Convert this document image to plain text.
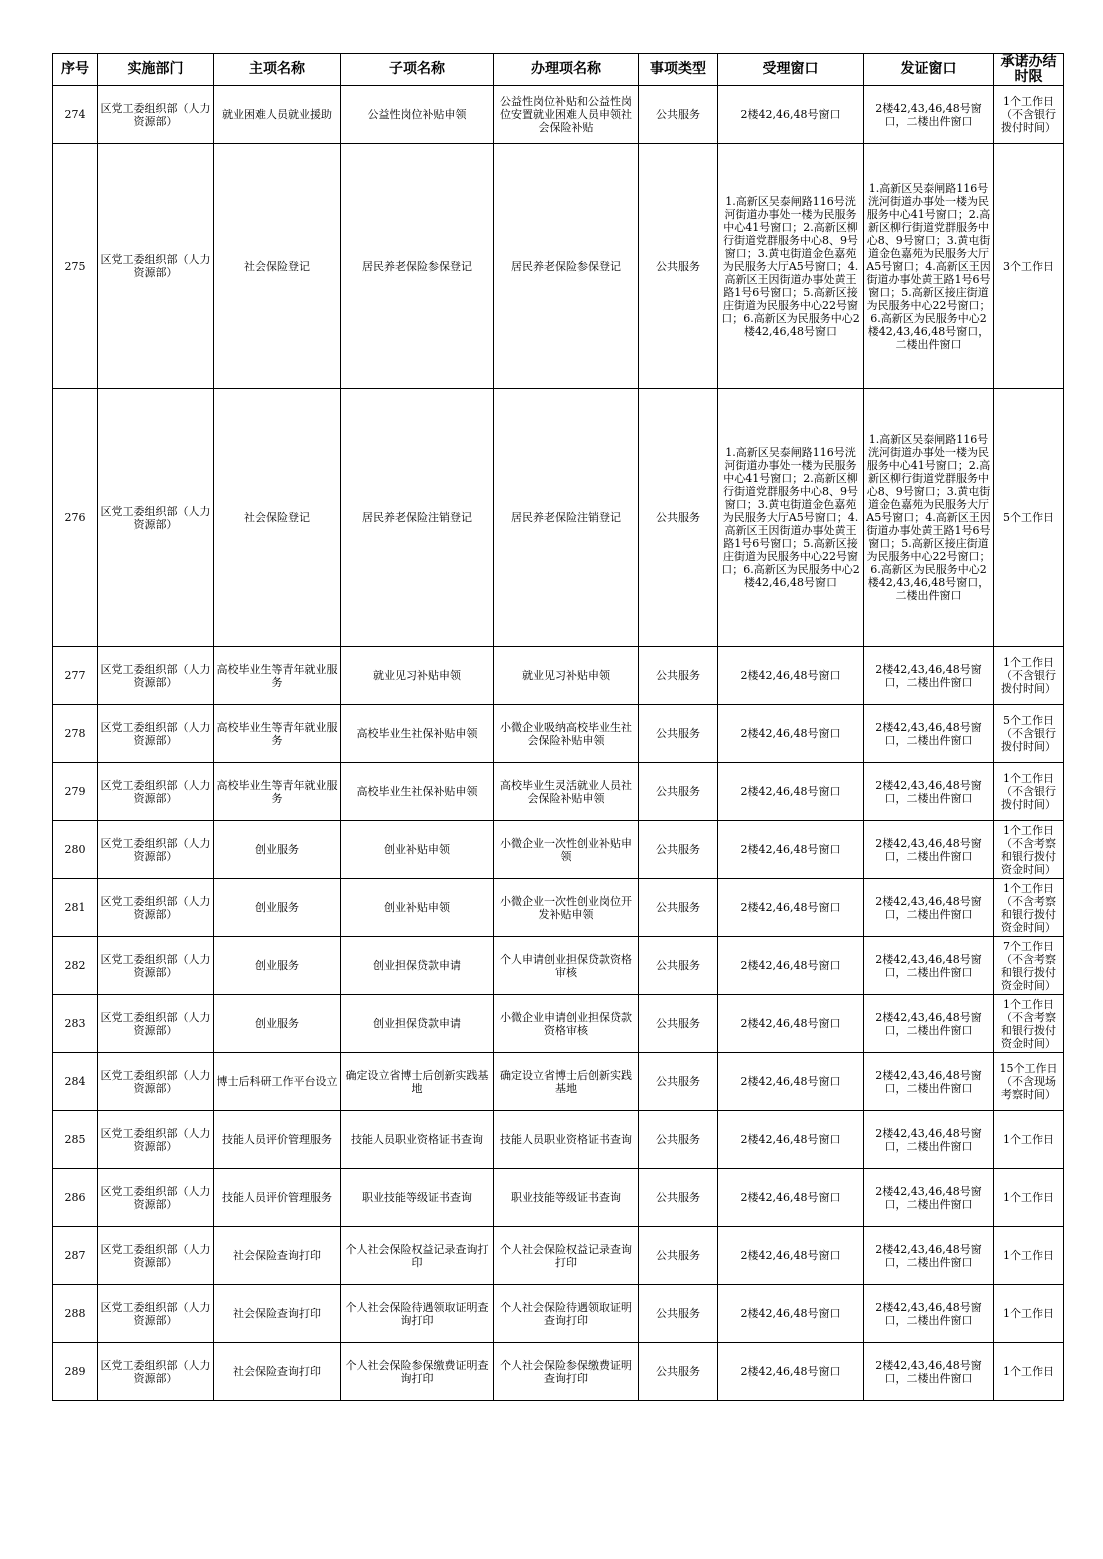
序号	实施部门	主项名称	子项名称	办理项名称	事项类型	受理窗口	发证窗口	承诺办结时限
274	区党工委组织部（人力资源部）	就业困难人员就业援助	公益性岗位补贴申领	公益性岗位补贴和公益性岗位安置就业困难人员申领社会保险补贴	公共服务	2楼42,46,48号窗口	2楼42,43,46,48号窗口，二楼出件窗口	1个工作日（不含银行拨付时间）
275	区党工委组织部（人力资源部）	社会保险登记	居民养老保险参保登记	居民养老保险参保登记	公共服务	1.高新区吴泰闸路116号洸河街道办事处一楼为民服务中心41号窗口；2.高新区柳行街道党群服务中心8、9号窗口；3.黄屯街道金色嘉苑为民服务大厅A5号窗口；4.高新区王因街道办事处黄王路1号6号窗口；5.高新区接庄街道为民服务中心22号窗口；6.高新区为民服务中心2楼42,46,48号窗口	1.高新区吴泰闸路116号洸河街道办事处一楼为民服务中心41号窗口；2.高新区柳行街道党群服务中心8、9号窗口；3.黄屯街道金色嘉苑为民服务大厅A5号窗口；4.高新区王因街道办事处黄王路1号6号窗口；5.高新区接庄街道为民服务中心22号窗口；6.高新区为民服务中心2楼42,43,46,48号窗口，二楼出件窗口	3个工作日
276	区党工委组织部（人力资源部）	社会保险登记	居民养老保险注销登记	居民养老保险注销登记	公共服务	1.高新区吴泰闸路116号洸河街道办事处一楼为民服务中心41号窗口；2.高新区柳行街道党群服务中心8、9号窗口；3.黄屯街道金色嘉苑为民服务大厅A5号窗口；4.高新区王因街道办事处黄王路1号6号窗口；5.高新区接庄街道为民服务中心22号窗口；6.高新区为民服务中心2楼42,46,48号窗口	1.高新区吴泰闸路116号洸河街道办事处一楼为民服务中心41号窗口；2.高新区柳行街道党群服务中心8、9号窗口；3.黄屯街道金色嘉苑为民服务大厅A5号窗口；4.高新区王因街道办事处黄王路1号6号窗口；5.高新区接庄街道为民服务中心22号窗口；6.高新区为民服务中心2楼42,43,46,48号窗口，二楼出件窗口	5个工作日
277	区党工委组织部（人力资源部）	高校毕业生等青年就业服务	就业见习补贴申领	就业见习补贴申领	公共服务	2楼42,46,48号窗口	2楼42,43,46,48号窗口，二楼出件窗口	1个工作日（不含银行拨付时间）
278	区党工委组织部（人力资源部）	高校毕业生等青年就业服务	高校毕业生社保补贴申领	小微企业吸纳高校毕业生社会保险补贴申领	公共服务	2楼42,46,48号窗口	2楼42,43,46,48号窗口，二楼出件窗口	5个工作日（不含银行拨付时间）
279	区党工委组织部（人力资源部）	高校毕业生等青年就业服务	高校毕业生社保补贴申领	高校毕业生灵活就业人员社会保险补贴申领	公共服务	2楼42,46,48号窗口	2楼42,43,46,48号窗口，二楼出件窗口	1个工作日（不含银行拨付时间）
280	区党工委组织部（人力资源部）	创业服务	创业补贴申领	小微企业一次性创业补贴申领	公共服务	2楼42,46,48号窗口	2楼42,43,46,48号窗口，二楼出件窗口	1个工作日（不含考察和银行拨付资金时间）
281	区党工委组织部（人力资源部）	创业服务	创业补贴申领	小微企业一次性创业岗位开发补贴申领	公共服务	2楼42,46,48号窗口	2楼42,43,46,48号窗口，二楼出件窗口	1个工作日（不含考察和银行拨付资金时间）
282	区党工委组织部（人力资源部）	创业服务	创业担保贷款申请	个人申请创业担保贷款资格审核	公共服务	2楼42,46,48号窗口	2楼42,43,46,48号窗口，二楼出件窗口	7个工作日（不含考察和银行拨付资金时间）
283	区党工委组织部（人力资源部）	创业服务	创业担保贷款申请	小微企业申请创业担保贷款资格审核	公共服务	2楼42,46,48号窗口	2楼42,43,46,48号窗口，二楼出件窗口	1个工作日（不含考察和银行拨付资金时间）
284	区党工委组织部（人力资源部）	博士后科研工作平台设立	确定设立省博士后创新实践基地	确定设立省博士后创新实践基地	公共服务	2楼42,46,48号窗口	2楼42,43,46,48号窗口，二楼出件窗口	15个工作日（不含现场考察时间）
285	区党工委组织部（人力资源部）	技能人员评价管理服务	技能人员职业资格证书查询	技能人员职业资格证书查询	公共服务	2楼42,46,48号窗口	2楼42,43,46,48号窗口，二楼出件窗口	1个工作日
286	区党工委组织部（人力资源部）	技能人员评价管理服务	职业技能等级证书查询	职业技能等级证书查询	公共服务	2楼42,46,48号窗口	2楼42,43,46,48号窗口，二楼出件窗口	1个工作日
287	区党工委组织部（人力资源部）	社会保险查询打印	个人社会保险权益记录查询打印	个人社会保险权益记录查询打印	公共服务	2楼42,46,48号窗口	2楼42,43,46,48号窗口，二楼出件窗口	1个工作日
288	区党工委组织部（人力资源部）	社会保险查询打印	个人社会保险待遇领取证明查询打印	个人社会保险待遇领取证明查询打印	公共服务	2楼42,46,48号窗口	2楼42,43,46,48号窗口，二楼出件窗口	1个工作日
289	区党工委组织部（人力资源部）	社会保险查询打印	个人社会保险参保缴费证明查询打印	个人社会保险参保缴费证明查询打印	公共服务	2楼42,46,48号窗口	2楼42,43,46,48号窗口，二楼出件窗口	1个工作日
